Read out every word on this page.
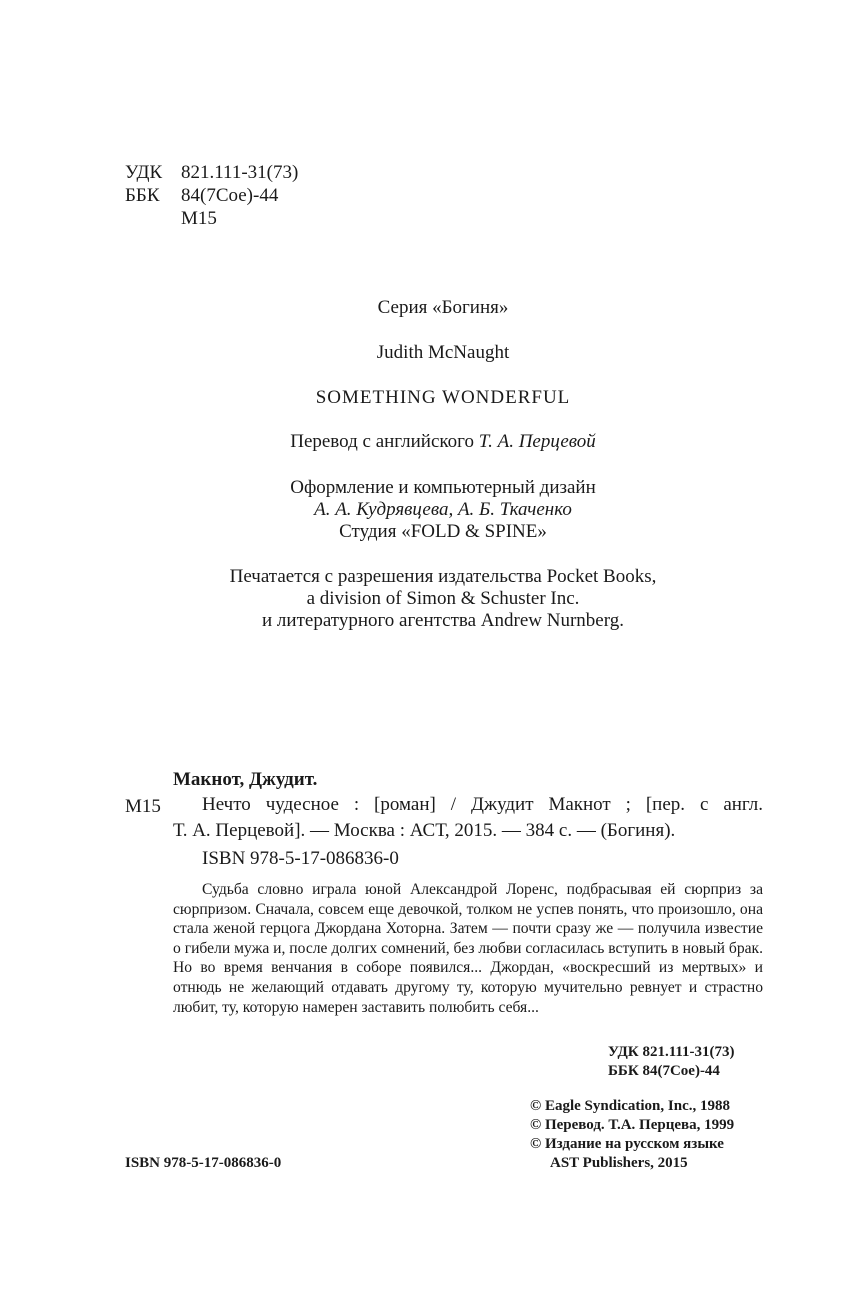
УДК 821.111-31(73)
ББК 84(7Сое)-44
М15
Серия «Богиня»
Judith McNaught
SOMETHING WONDERFUL
Перевод с английского Т. А. Перцевой
Оформление и компьютерный дизайн
А. А. Кудрявцева, А. Б. Ткаченко
Студия «FOLD & SPINE»
Печатается с разрешения издательства Pocket Books,
a division of Simon & Schuster Inc.
и литературного агентства Andrew Nurnberg.
Макнот, Джудит.
М15	Нечто чудесное : [роман] / Джудит Макнот ; [пер. с англ.
Т. А. Перцевой]. — Москва : АСТ, 2015. — 384 с. — (Богиня).
ISBN 978-5-17-086836-0

Судьба словно играла юной Александрой Лоренс, подбрасывая ей сюрприз за сюрпризом. Сначала, совсем еще девочкой, толком не успев понять, что произошло, она стала женой герцога Джордана Хоторна. Затем — почти сразу же — получила известие о гибели мужа и, после долгих сомнений, без любви согласилась вступить в новый брак. Но во время венчания в соборе появился... Джордан, «воскресший из мертвых» и отнюдь не желающий отдавать другому ту, которую мучительно ревнует и страстно любит, ту, которую намерен заставить полюбить себя...

УДК 821.111-31(73)
ББК 84(7Сое)-44
© Eagle Syndication, Inc., 1988
© Перевод. Т.А. Перцева, 1999
© Издание на русском языке
AST Publishers, 2015
ISBN 978-5-17-086836-0
